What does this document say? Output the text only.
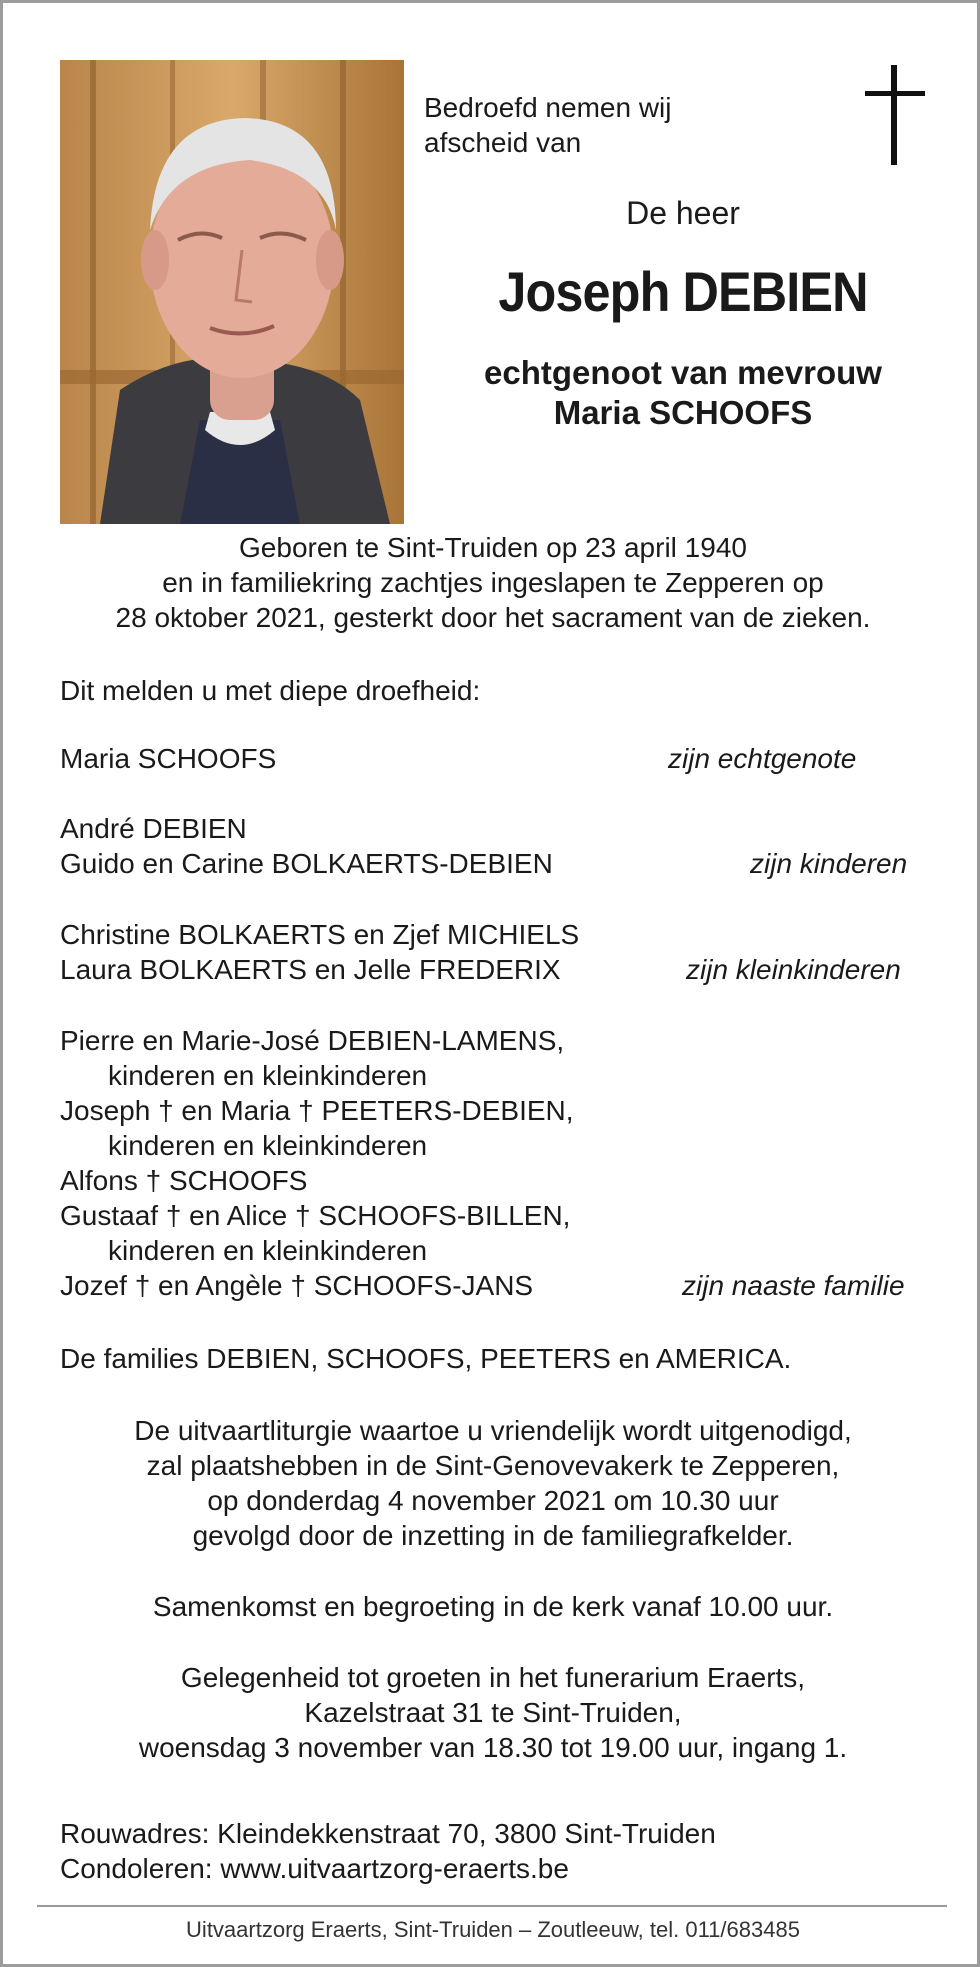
Bedroefd nemen wij
afscheid van
De heer
Joseph DEBIEN
echtgenoot van mevrouw
Maria SCHOOFS
Geboren te Sint-Truiden op 23 april 1940
en in familiekring zachtjes ingeslapen te Zepperen op
28 oktober 2021, gesterkt door het sacrament van de zieken.
Dit melden u met diepe droefheid:
Maria SCHOOFS	zijn echtgenote
André DEBIEN
Guido en Carine BOLKAERTS-DEBIEN	zijn kinderen
Christine BOLKAERTS en Zjef MICHIELS
Laura BOLKAERTS en Jelle FREDERIX	zijn kleinkinderen
Pierre en Marie-José DEBIEN-LAMENS,
kinderen en kleinkinderen
Joseph † en Maria † PEETERS-DEBIEN,
kinderen en kleinkinderen
Alfons † SCHOOFS
Gustaaf † en Alice † SCHOOFS-BILLEN,
kinderen en kleinkinderen
Jozef † en Angèle † SCHOOFS-JANS	zijn naaste familie
De families DEBIEN, SCHOOFS, PEETERS en AMERICA.
De uitvaartliturgie waartoe u vriendelijk wordt uitgenodigd,
zal plaatshebben in de Sint-Genovevakerk te Zepperen,
op donderdag 4 november 2021 om 10.30 uur
gevolgd door de inzetting in de familiegrafkelder.
Samenkomst en begroeting in de kerk vanaf 10.00 uur.
Gelegenheid tot groeten in het funerarium Eraerts,
Kazelstraat 31 te Sint-Truiden,
woensdag 3 november van 18.30 tot 19.00 uur, ingang 1.
Rouwadres: Kleindekkenstraat 70, 3800 Sint-Truiden
Condoleren: www.uitvaartzorg-eraerts.be
Uitvaartzorg Eraerts, Sint-Truiden – Zoutleeuw, tel. 011/683485
